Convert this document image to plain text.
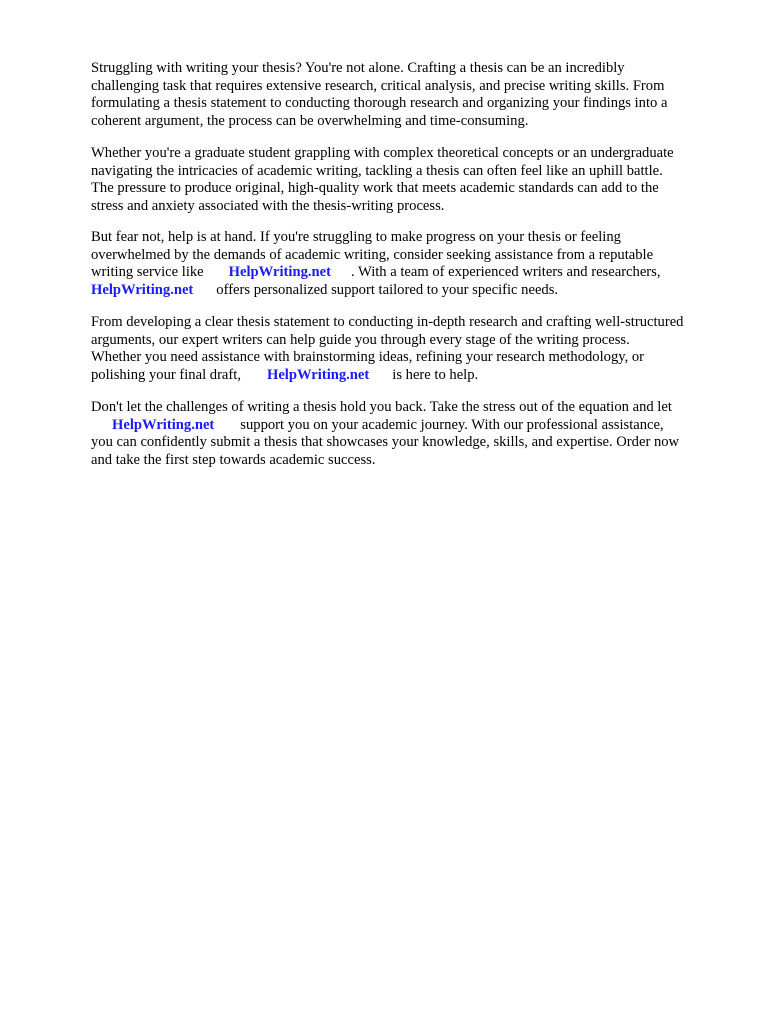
Struggling with writing your thesis? You're not alone. Crafting a thesis can be an incredibly
challenging task that requires extensive research, critical analysis, and precise writing skills. From
formulating a thesis statement to conducting thorough research and organizing your findings into a
coherent argument, the process can be overwhelming and time-consuming.
Whether you're a graduate student grappling with complex theoretical concepts or an undergraduate
navigating the intricacies of academic writing, tackling a thesis can often feel like an uphill battle.
The pressure to produce original, high-quality work that meets academic standards can add to the
stress and anxiety associated with the thesis-writing process.
But fear not, help is at hand. If you're struggling to make progress on your thesis or feeling
overwhelmed by the demands of academic writing, consider seeking assistance from a reputable
writing service like HelpWriting.net . With a team of experienced writers and researchers,
HelpWriting.net offers personalized support tailored to your specific needs.
From developing a clear thesis statement to conducting in-depth research and crafting well-structured
arguments, our expert writers can help guide you through every stage of the writing process.
Whether you need assistance with brainstorming ideas, refining your research methodology, or
polishing your final draft, HelpWriting.net is here to help.
Don't let the challenges of writing a thesis hold you back. Take the stress out of the equation and let
HelpWriting.net support you on your academic journey. With our professional assistance,
you can confidently submit a thesis that showcases your knowledge, skills, and expertise. Order now
and take the first step towards academic success.
